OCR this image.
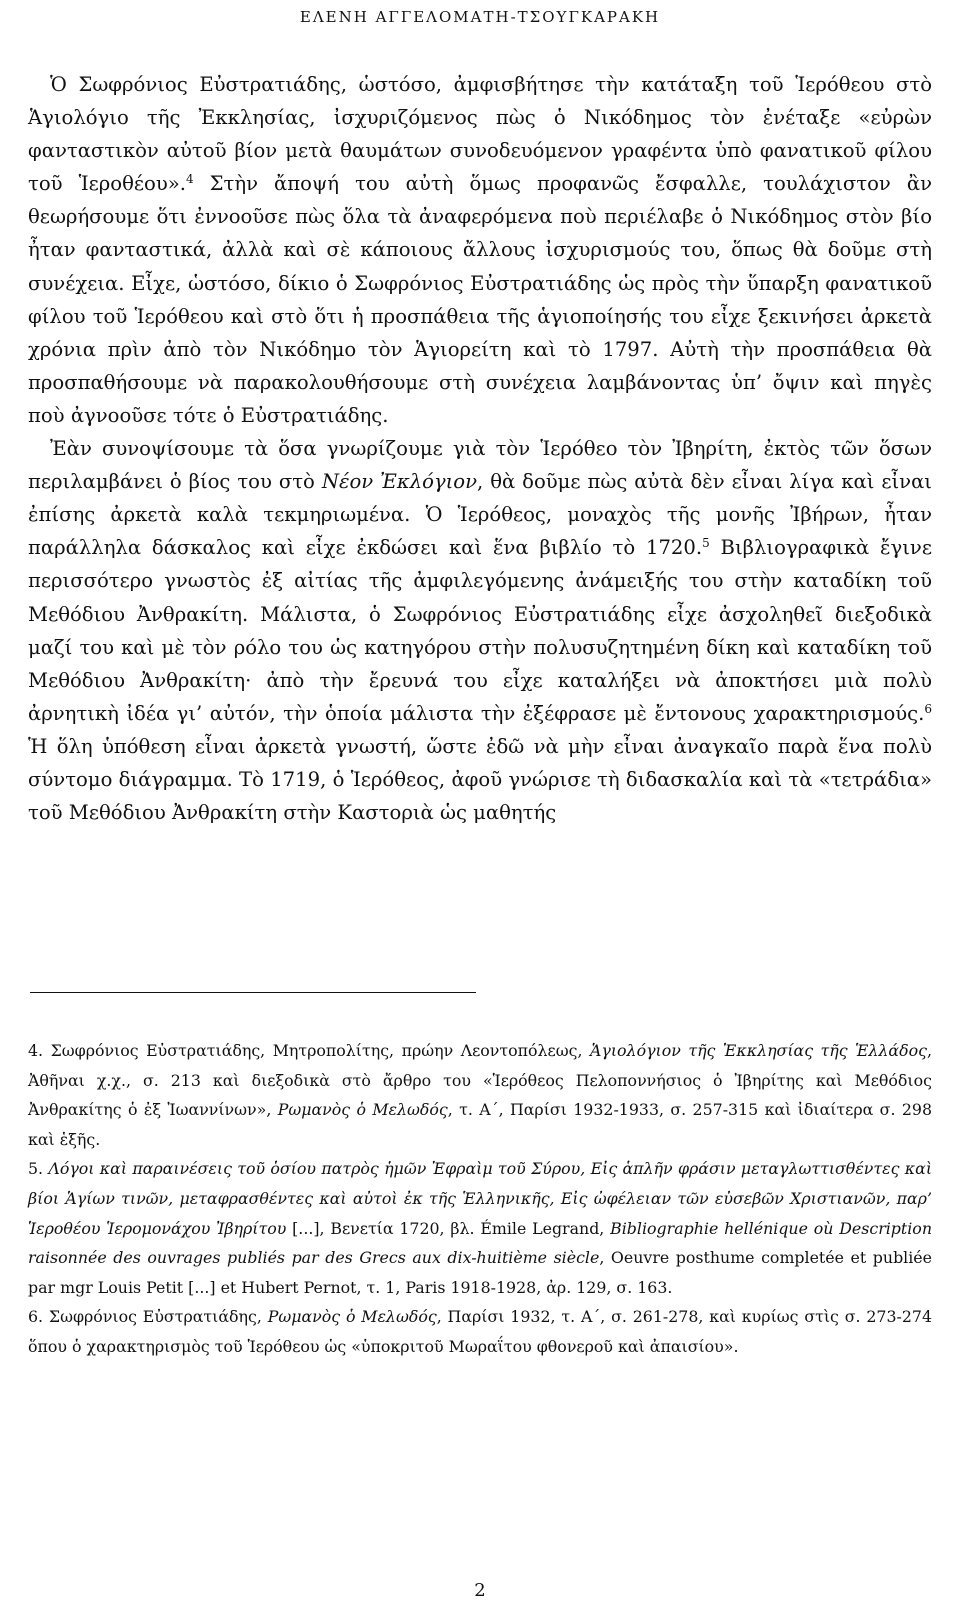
ΕΛΕΝΗ ΑΓΓΕΛΟΜΑΤΗ-ΤΣΟΥΓΚΑΡΑΚΗ

Ὁ Σωφρόνιος Εὐστρατιάδης, ὡστόσο, ἀμφισβήτησε τὴν κατάταξη τοῦ Ἱερόθεου στὸ Ἁγιολόγιο τῆς Ἐκκλησίας, ἰσχυριζόμενος πὼς ὁ Νικόδημος τὸν ἐνέταξε «εὐρὼν φανταστικὸν αὐτοῦ βίον μετὰ θαυμάτων συνοδευόμενον γραφέντα ὑπὸ φανατικοῦ φίλου τοῦ Ἱεροθέου».$^4$ Στὴν ἄποψή του αὐτὴ ὅμως προφανῶς ἔσφαλλε, τουλάχιστον ἂν θεωρήσουμε ὅτι ἐννοοῦσε πὼς ὅλα τὰ ἀναφερόμενα ποὺ περιέλαβε ὁ Νικόδημος στὸν βίο ἦταν φανταστικά, ἀλλὰ καὶ σὲ κάποιους ἄλλους ἰσχυρισμούς του, ὅπως θὰ δοῦμε στὴ συνέχεια. Εἶχε, ὡστόσο, δίκιο ὁ Σωφρόνιος Εὐστρατιάδης ὡς πρὸς τὴν ὕπαρξη φανατικοῦ φίλου τοῦ Ἱερόθεου καὶ στὸ ὅτι ἡ προσπάθεια τῆς ἁγιοποίησής του εἶχε ξεκινήσει ἀρκετὰ χρόνια πρὶν ἀπὸ τὸν Νικόδημο τὸν Ἁγιορείτη καὶ τὸ 1797. Αὐτὴ τὴν προσπάθεια θὰ προσπαθήσουμε νὰ παρακολουθήσουμε στὴ συνέχεια λαμβάνοντας ὑπ’ ὄψιν καὶ πηγὲς ποὺ ἀγνοοῦσε τότε ὁ Εὐστρατιάδης.

Ἐὰν συνοψίσουμε τὰ ὅσα γνωρίζουμε γιὰ τὸν Ἱερόθεο τὸν Ἰβηρίτη, ἐκτὸς τῶν ὅσων περιλαμβάνει ὁ βίος του στὸ Νέον Ἐκλόγιον, θὰ δοῦμε πὼς αὐτὰ δὲν εἶναι λίγα καὶ εἶναι ἐπίσης ἀρκετὰ καλὰ τεκμηριωμένα. Ὁ Ἱερόθεος, μοναχὸς τῆς μονῆς Ἰβήρων, ἦταν παράλληλα δάσκαλος καὶ εἶχε ἐκδώσει καὶ ἕνα βιβλίο τὸ 1720.$^5$ Βιβλιογραφικὰ ἔγινε περισσότερο γνωστὸς ἐξ αἰτίας τῆς ἀμφιλεγόμενης ἀνάμειξής του στὴν καταδίκη τοῦ Μεθόδιου Ἀνθρακίτη. Μάλιστα, ὁ Σωφρόνιος Εὐστρατιάδης εἶχε ἀσχοληθεῖ διεξοδικὰ μαζί του καὶ μὲ τὸν ρόλο του ὡς κατηγόρου στὴν πολυσυζητημένη δίκη καὶ καταδίκη τοῦ Μεθόδιου Ἀνθρακίτη· ἀπὸ τὴν ἔρευνά του εἶχε καταλήξει νὰ ἀποκτήσει μιὰ πολὺ ἀρνητικὴ ἰδέα γι’ αὐτόν, τὴν ὁποία μάλιστα τὴν ἐξέφρασε μὲ ἔντονους χαρακτηρισμούς.$^6$ Ἡ ὅλη ὑπόθεση εἶναι ἀρκετὰ γνωστή, ὥστε ἐδῶ νὰ μὴν εἶναι ἀναγκαῖο παρὰ ἕνα πολὺ σύντομο διάγραμμα. Τὸ 1719, ὁ Ἱερόθεος, ἀφοῦ γνώρισε τὴ διδασκαλία καὶ τὰ «τετράδια» τοῦ Μεθόδιου Ἀνθρακίτη στὴν Καστοριὰ ὡς μαθητής

4. Σωφρόνιος Εὐστρατιάδης, Μητροπολίτης, πρώην Λεοντοπόλεως, Ἁγιολόγιον τῆς Ἐκκλησίας τῆς Ἑλλάδος, Ἀθῆναι χ.χ., σ. 213 καὶ διεξοδικὰ στὸ ἄρθρο του «Ἱερόθεος Πελοποννήσιος ὁ Ἰβηρίτης καὶ Μεθόδιος Ἀνθρακίτης ὁ ἐξ Ἰωαννίνων», Ρωμανὸς ὁ Μελωδός, τ. Α΄, Παρίσι 1932-1933, σ. 257-315 καὶ ἰδιαίτερα σ. 298 καὶ ἑξῆς.

5. Λόγοι καὶ παραινέσεις τοῦ ὁσίου πατρὸς ἡμῶν Ἐφραὶμ τοῦ Σύρου, Εἰς ἁπλῆν φράσιν μεταγλωττισθέντες καὶ βίοι Ἁγίων τινῶν, μεταφρασθέντες καὶ αὐτοὶ ἐκ τῆς Ἑλληνικῆς, Εἰς ὠφέλειαν τῶν εὐσεβῶν Χριστιανῶν, παρ’ Ἱεροθέου Ἱερομονάχου Ἰβηρίτου [...], Βενετία 1720, βλ. Émile Legrand, Bibliographie hellénique où Description raisonnée des ouvrages publiés par des Grecs aux dix-huitième siècle, Oeuvre posthume completée et publiée par mgr Louis Petit [...] et Hubert Pernot, τ. 1, Paris 1918-1928, ἀρ. 129, σ. 163.

6. Σωφρόνιος Εὐστρατιάδης, Ρωμανὸς ὁ Μελωδός, Παρίσι 1932, τ. Α΄, σ. 261-278, καὶ κυρίως στὶς σ. 273-274 ὅπου ὁ χαρακτηρισμὸς τοῦ Ἱερόθεου ὡς «ὑποκριτοῦ Μωραΐτου φθονεροῦ καὶ ἀπαισίου».

2
